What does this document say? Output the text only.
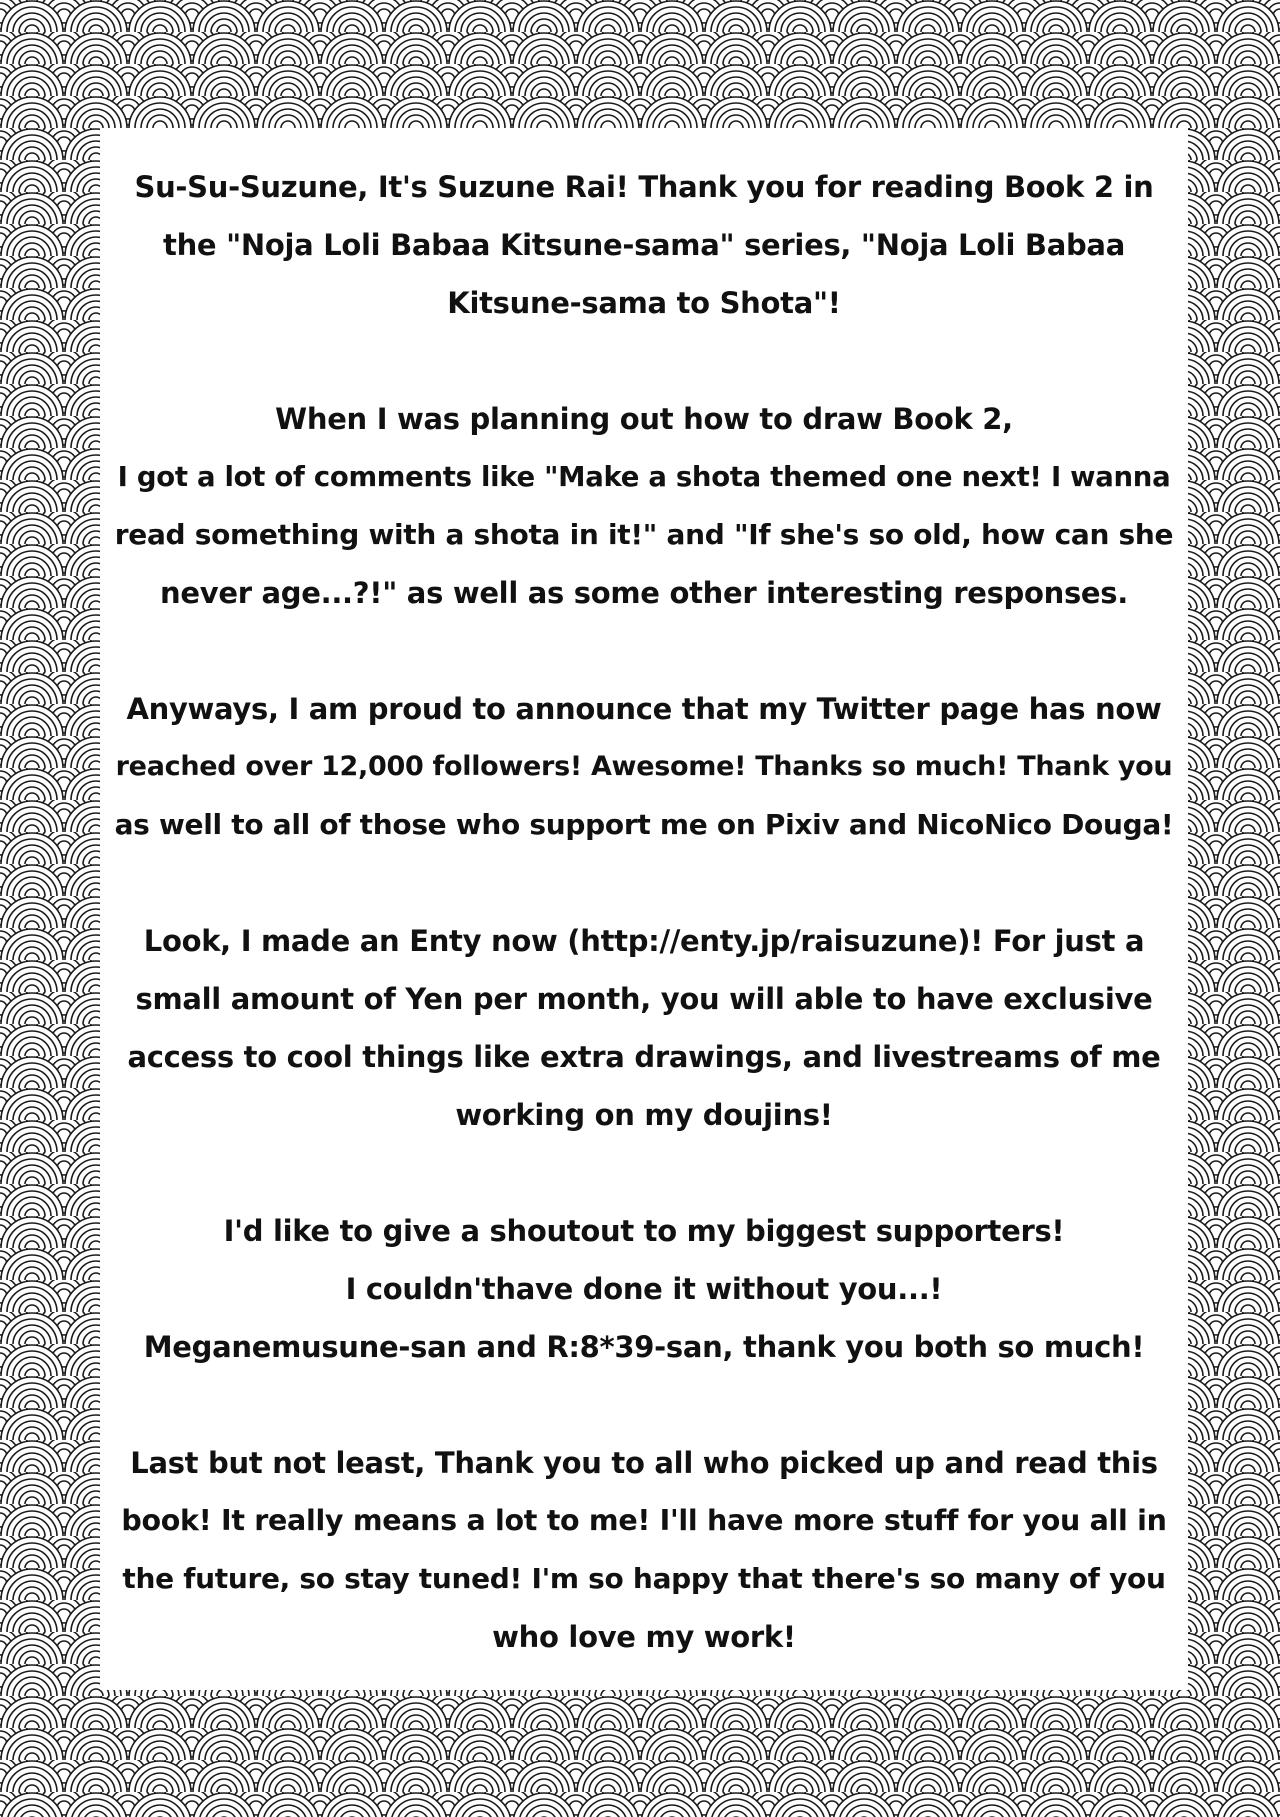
Su-Su-Suzune, It's Suzune Rai! Thank you for reading Book 2 in
the "Noja Loli Babaa Kitsune-sama" series, "Noja Loli Babaa
Kitsune-sama to Shota"!
When I was planning out how to draw Book 2,
I got a lot of comments like "Make a shota themed one next! I wanna
read something with a shota in it!" and "If she's so old, how can she
never age...?!" as well as some other interesting responses.
Anyways, I am proud to announce that my Twitter page has now
reached over 12,000 followers! Awesome! Thanks so much! Thank you
as well to all of those who support me on Pixiv and NicoNico Douga!
Look, I made an Enty now (http://enty.jp/raisuzune)! For just a
small amount of Yen per month, you will able to have exclusive
access to cool things like extra drawings, and livestreams of me
working on my doujins!
I'd like to give a shoutout to my biggest supporters!
I couldn'thave done it without you...!
Meganemusune-san and R:8*39-san, thank you both so much!
Last but not least, Thank you to all who picked up and read this
book! It really means a lot to me! I'll have more stuff for you all in
the future, so stay tuned! I'm so happy that there's so many of you
who love my work!
